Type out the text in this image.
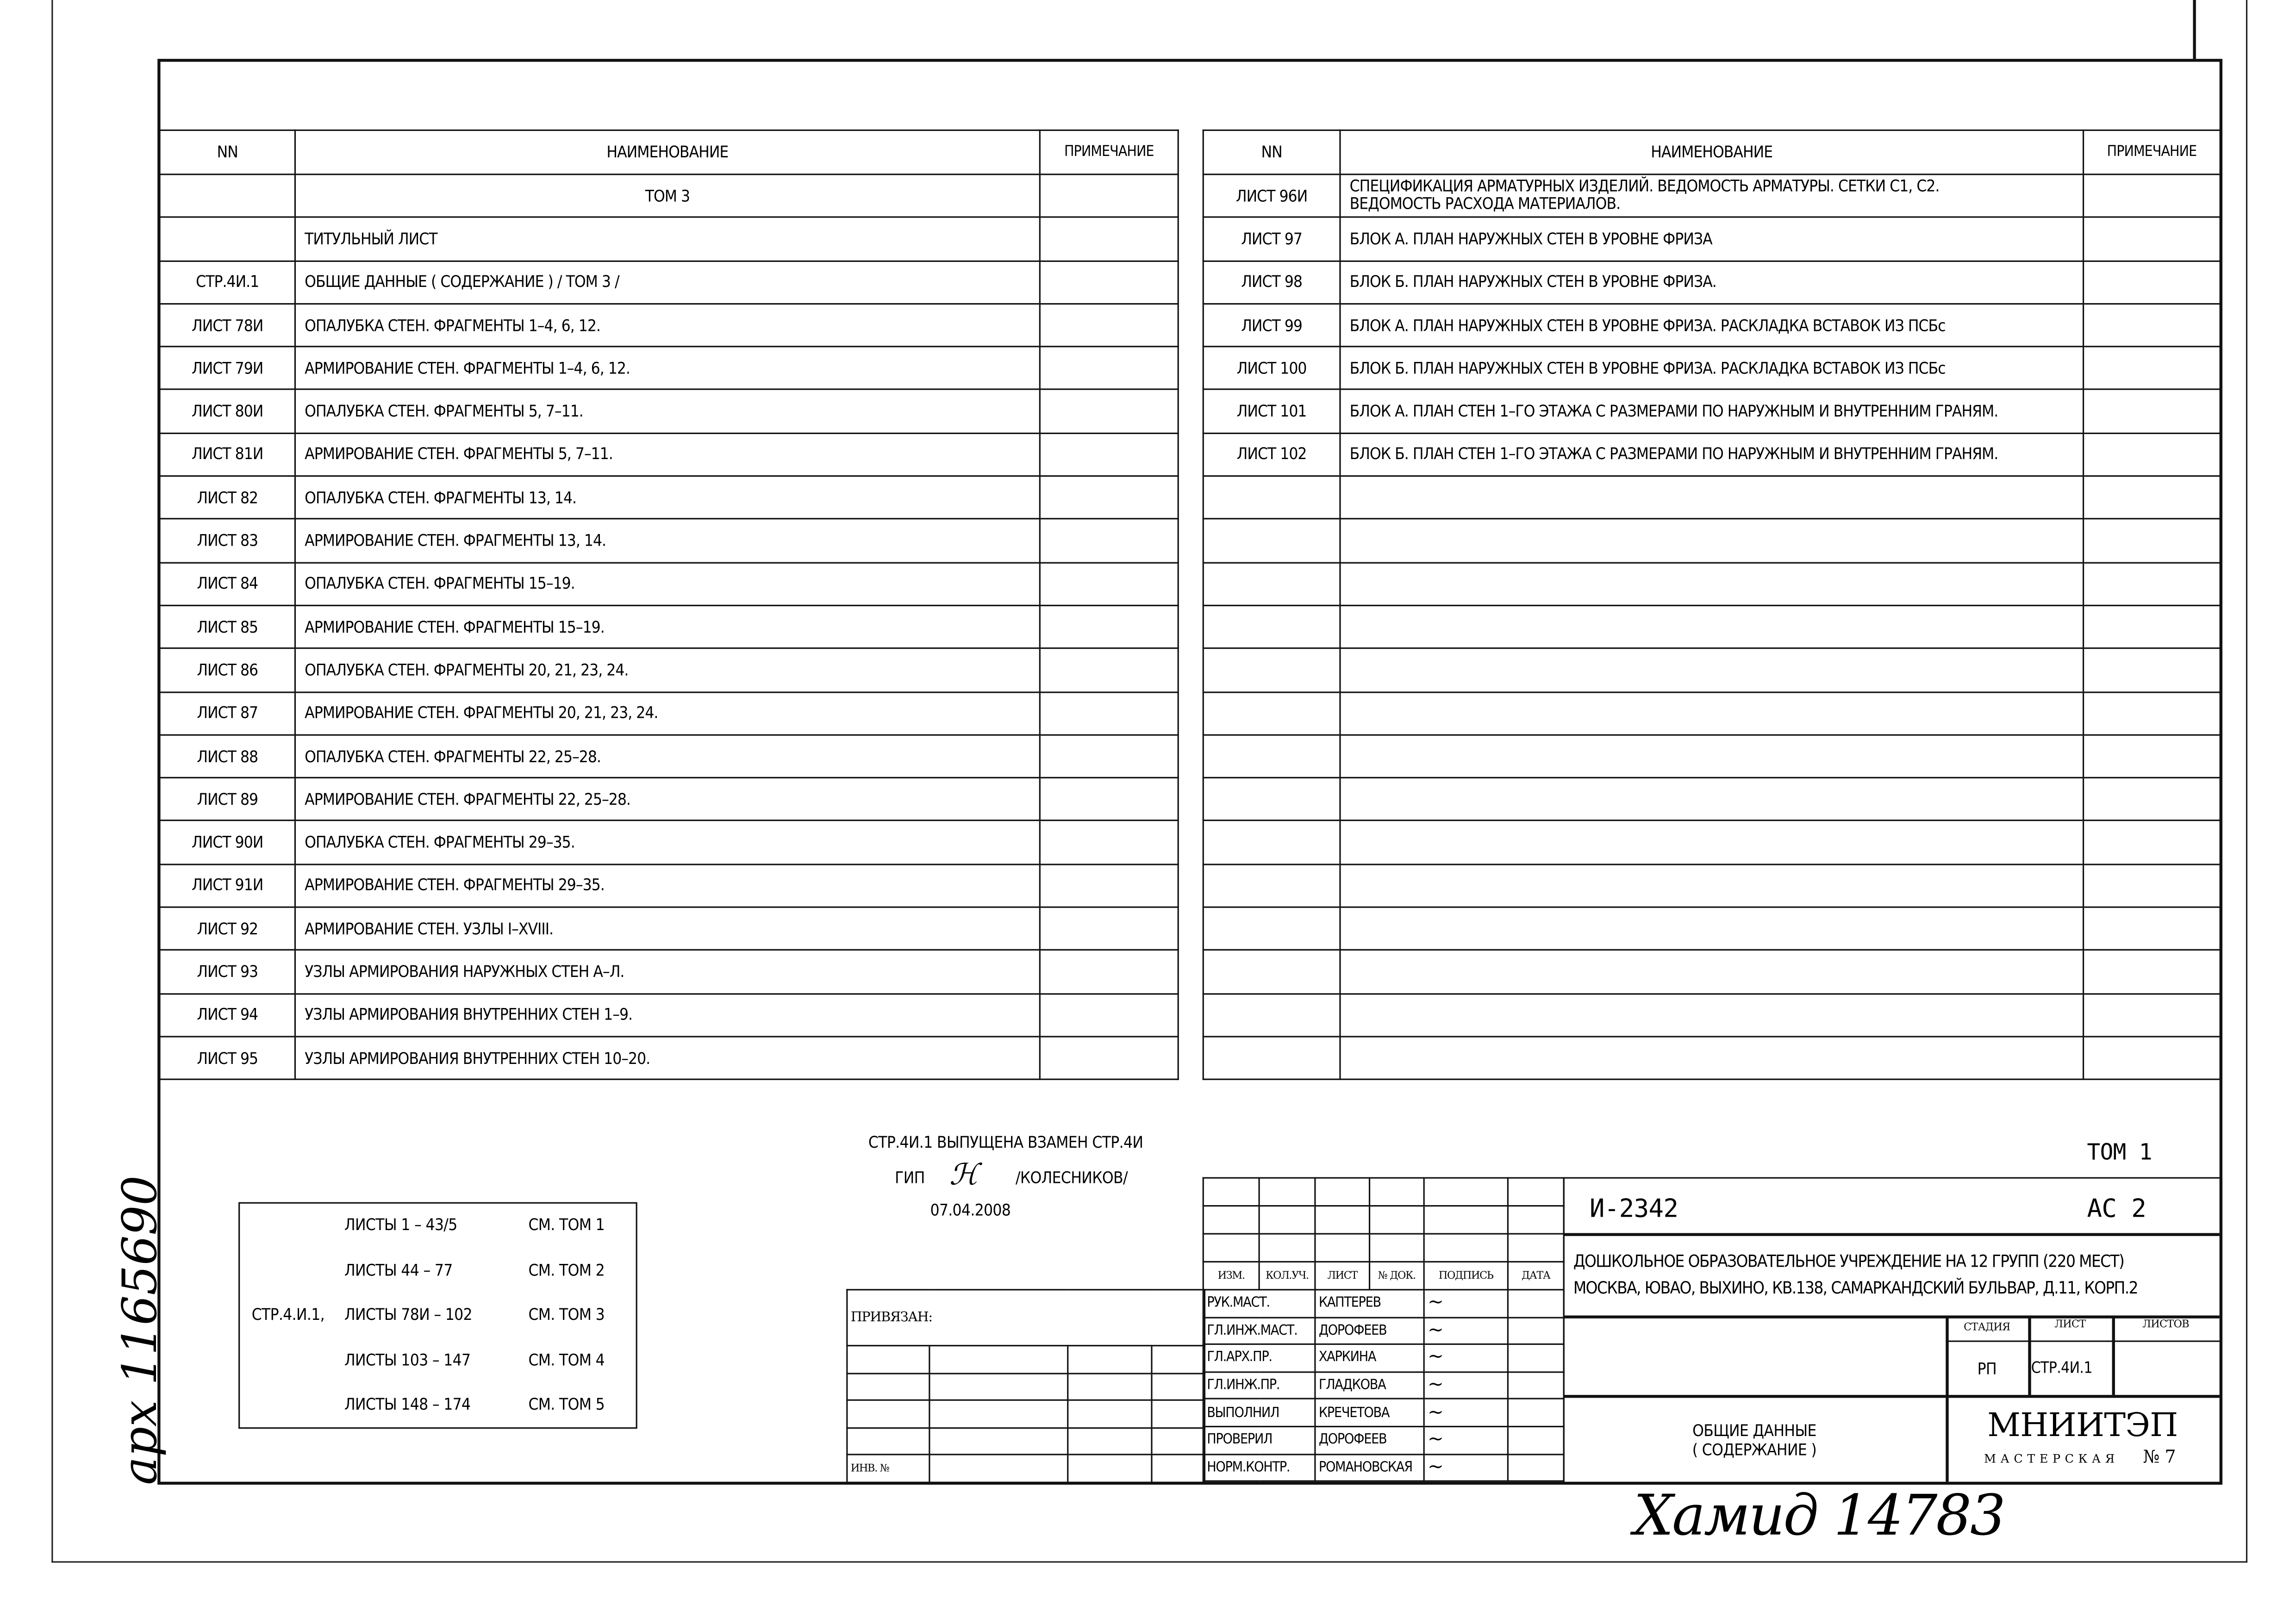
NN	НАИМЕНОВАНИЕ	ПРИМЕЧАНИЕ
	ТОМ 3	
	ТИТУЛЬНЫЙ ЛИСТ	
СТР.4И.1	ОБЩИЕ ДАННЫЕ ( СОДЕРЖАНИЕ ) / ТОМ 3 /	
ЛИСТ 78И	ОПАЛУБКА СТЕН. ФРАГМЕНТЫ 1–4, 6, 12.	
ЛИСТ 79И	АРМИРОВАНИЕ СТЕН. ФРАГМЕНТЫ 1–4, 6, 12.	
ЛИСТ 80И	ОПАЛУБКА СТЕН. ФРАГМЕНТЫ 5, 7–11.	
ЛИСТ 81И	АРМИРОВАНИЕ СТЕН. ФРАГМЕНТЫ 5, 7–11.	
ЛИСТ 82	ОПАЛУБКА СТЕН. ФРАГМЕНТЫ 13, 14.	
ЛИСТ 83	АРМИРОВАНИЕ СТЕН. ФРАГМЕНТЫ 13, 14.	
ЛИСТ 84	ОПАЛУБКА СТЕН. ФРАГМЕНТЫ 15–19.	
ЛИСТ 85	АРМИРОВАНИЕ СТЕН. ФРАГМЕНТЫ 15–19.	
ЛИСТ 86	ОПАЛУБКА СТЕН. ФРАГМЕНТЫ 20, 21, 23, 24.	
ЛИСТ 87	АРМИРОВАНИЕ СТЕН. ФРАГМЕНТЫ 20, 21, 23, 24.	
ЛИСТ 88	ОПАЛУБКА СТЕН. ФРАГМЕНТЫ 22, 25–28.	
ЛИСТ 89	АРМИРОВАНИЕ СТЕН. ФРАГМЕНТЫ 22, 25–28.	
ЛИСТ 90И	ОПАЛУБКА СТЕН. ФРАГМЕНТЫ 29–35.	
ЛИСТ 91И	АРМИРОВАНИЕ СТЕН. ФРАГМЕНТЫ 29–35.	
ЛИСТ 92	АРМИРОВАНИЕ СТЕН. УЗЛЫ I–XVIII.	
ЛИСТ 93	УЗЛЫ АРМИРОВАНИЯ НАРУЖНЫХ СТЕН А–Л.	
ЛИСТ 94	УЗЛЫ АРМИРОВАНИЯ ВНУТРЕННИХ СТЕН 1–9.	
ЛИСТ 95	УЗЛЫ АРМИРОВАНИЯ ВНУТРЕННИХ СТЕН 10–20.	
NN	НАИМЕНОВАНИЕ	ПРИМЕЧАНИЕ
ЛИСТ 96И	СПЕЦИФИКАЦИЯ АРМАТУРНЫХ ИЗДЕЛИЙ. ВЕДОМОСТЬ АРМАТУРЫ. СЕТКИ С1, С2.
ВЕДОМОСТЬ РАСХОДА МАТЕРИАЛОВ.	
ЛИСТ 97	БЛОК А. ПЛАН НАРУЖНЫХ СТЕН В УРОВНЕ ФРИЗА	
ЛИСТ 98	БЛОК Б. ПЛАН НАРУЖНЫХ СТЕН В УРОВНЕ ФРИЗА.	
ЛИСТ 99	БЛОК А. ПЛАН НАРУЖНЫХ СТЕН В УРОВНЕ ФРИЗА. РАСКЛАДКА ВСТАВОК ИЗ ПСБс	
ЛИСТ 100	БЛОК Б. ПЛАН НАРУЖНЫХ СТЕН В УРОВНЕ ФРИЗА. РАСКЛАДКА ВСТАВОК ИЗ ПСБс	
ЛИСТ 101	БЛОК А. ПЛАН СТЕН 1–ГО ЭТАЖА С РАЗМЕРАМИ ПО НАРУЖНЫМ И ВНУТРЕННИМ ГРАНЯМ.	
ЛИСТ 102	БЛОК Б. ПЛАН СТЕН 1–ГО ЭТАЖА С РАЗМЕРАМИ ПО НАРУЖНЫМ И ВНУТРЕННИМ ГРАНЯМ.	

СТР.4И.1 ВЫПУЩЕНА ВЗАМЕН СТР.4И
ГИП	ℋ	/КОЛЕСНИКОВ/
07.04.2008
ТОМ 1
ЛИСТЫ 1 – 43/5	СМ. ТОМ 1
ЛИСТЫ 44 – 77	СМ. ТОМ 2
СТР.4.И.1,	ЛИСТЫ 78И – 102	СМ. ТОМ 3
ЛИСТЫ 103 – 147	СМ. ТОМ 4
ЛИСТЫ 148 – 174	СМ. ТОМ 5
ПРИВЯЗАН:			

ИНВ. №			

ИЗМ.	КОЛ.УЧ.	ЛИСТ	№ ДОК.	ПОДПИСЬ	ДАТА
РУК.МАСТ.		КАПТЕРЕВ		~	
ГЛ.ИНЖ.МАСТ.		ДОРОФЕЕВ		~	
ГЛ.АРХ.ПР.		ХАРКИНА		~	
ГЛ.ИНЖ.ПР.		ГЛАДКОВА		~	
ВЫПОЛНИЛ		КРЕЧЕТОВА		~	
ПРОВЕРИЛ		ДОРОФЕЕВ		~	
НОРМ.КОНТР.		РОМАНОВСКАЯ		~	
И-2342	АС 2
ДОШКОЛЬНОЕ ОБРАЗОВАТЕЛЬНОЕ УЧРЕЖДЕНИЕ НА 12 ГРУПП (220 МЕСТ)
МОСКВА, ЮВАО, ВЫХИНО, КВ.138, САМАРКАНДСКИЙ БУЛЬВАР, Д.11, КОРП.2
СТАДИЯ	ЛИСТ	ЛИСТОВ
РП	СТР.4И.1
ОБЩИЕ ДАННЫЕ
( СОДЕРЖАНИЕ )
МНИИТЭП
МАСТЕРСКАЯ	№ 7
арх 1165690
Хамид 14783
